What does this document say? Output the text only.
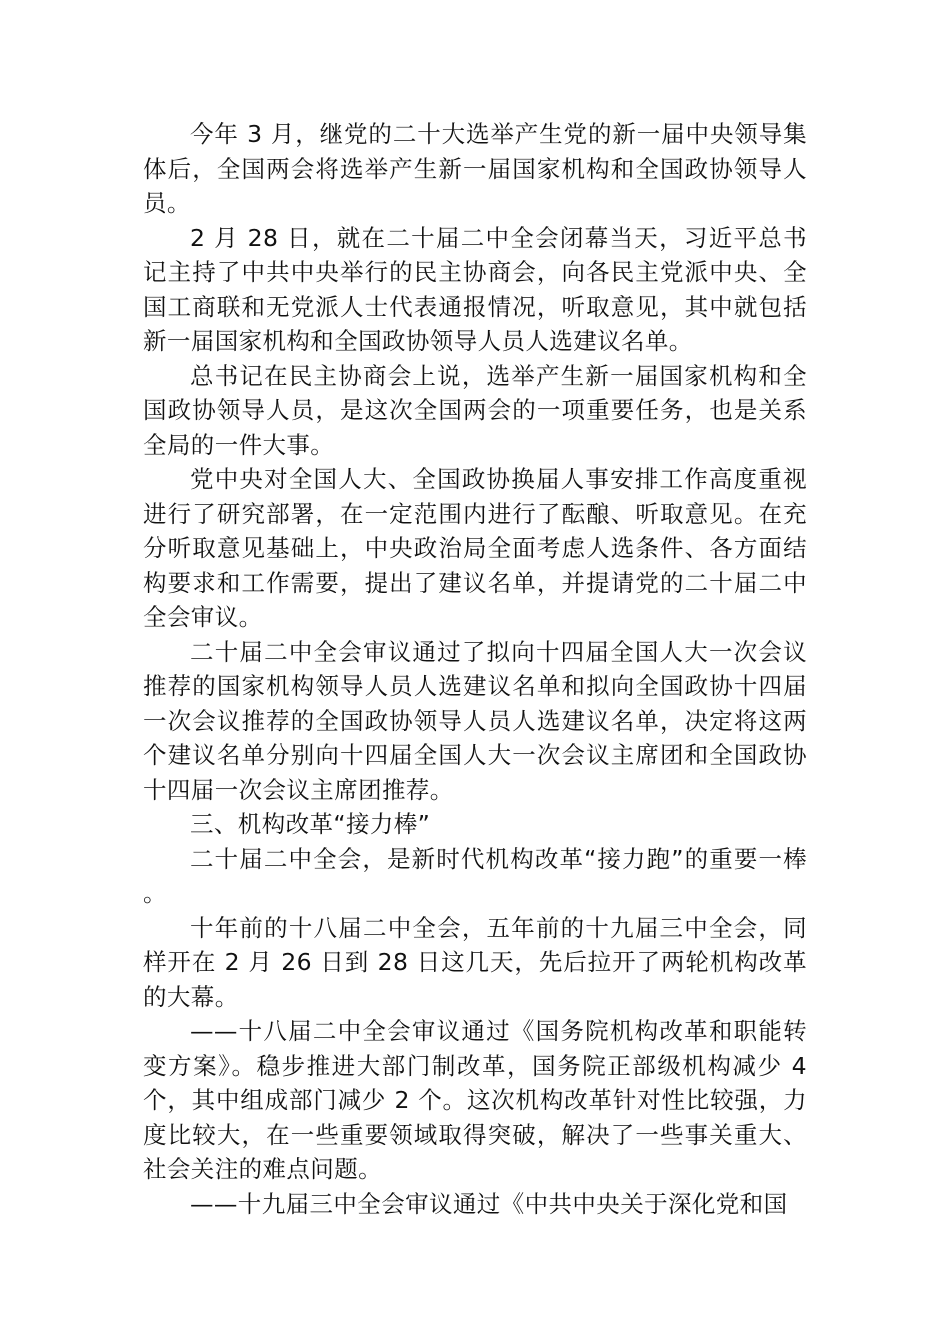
今年 3 月，继党的二十大选举产生党的新一届中央领导集体后，全国两会将选举产生新一届国家机构和全国政协领导人员。

2 月 28 日，就在二十届二中全会闭幕当天，习近平总书记主持了中共中央举行的民主协商会，向各民主党派中央、全国工商联和无党派人士代表通报情况，听取意见，其中就包括新一届国家机构和全国政协领导人员人选建议名单。

总书记在民主协商会上说，选举产生新一届国家机构和全国政协领导人员，是这次全国两会的一项重要任务，也是关系全局的一件大事。

党中央对全国人大、全国政协换届人事安排工作高度重视进行了研究部署，在一定范围内进行了酝酿、听取意见。在充分听取意见基础上，中央政治局全面考虑人选条件、各方面结构要求和工作需要，提出了建议名单，并提请党的二十届二中全会审议。

二十届二中全会审议通过了拟向十四届全国人大一次会议推荐的国家机构领导人员人选建议名单和拟向全国政协十四届一次会议推荐的全国政协领导人员人选建议名单，决定将这两个建议名单分别向十四届全国人大一次会议主席团和全国政协十四届一次会议主席团推荐。

三、机构改革“接力棒”

二十届二中全会，是新时代机构改革“接力跑”的重要一棒。

十年前的十八届二中全会，五年前的十九届三中全会，同样开在 2 月 26 日到 28 日这几天，先后拉开了两轮机构改革的大幕。

——十八届二中全会审议通过《国务院机构改革和职能转变方案》。稳步推进大部门制改革，国务院正部级机构减少 4 个，其中组成部门减少 2 个。这次机构改革针对性比较强，力度比较大，在一些重要领域取得突破，解决了一些事关重大、社会关注的难点问题。

——十九届三中全会审议通过《中共中央关于深化党和国
